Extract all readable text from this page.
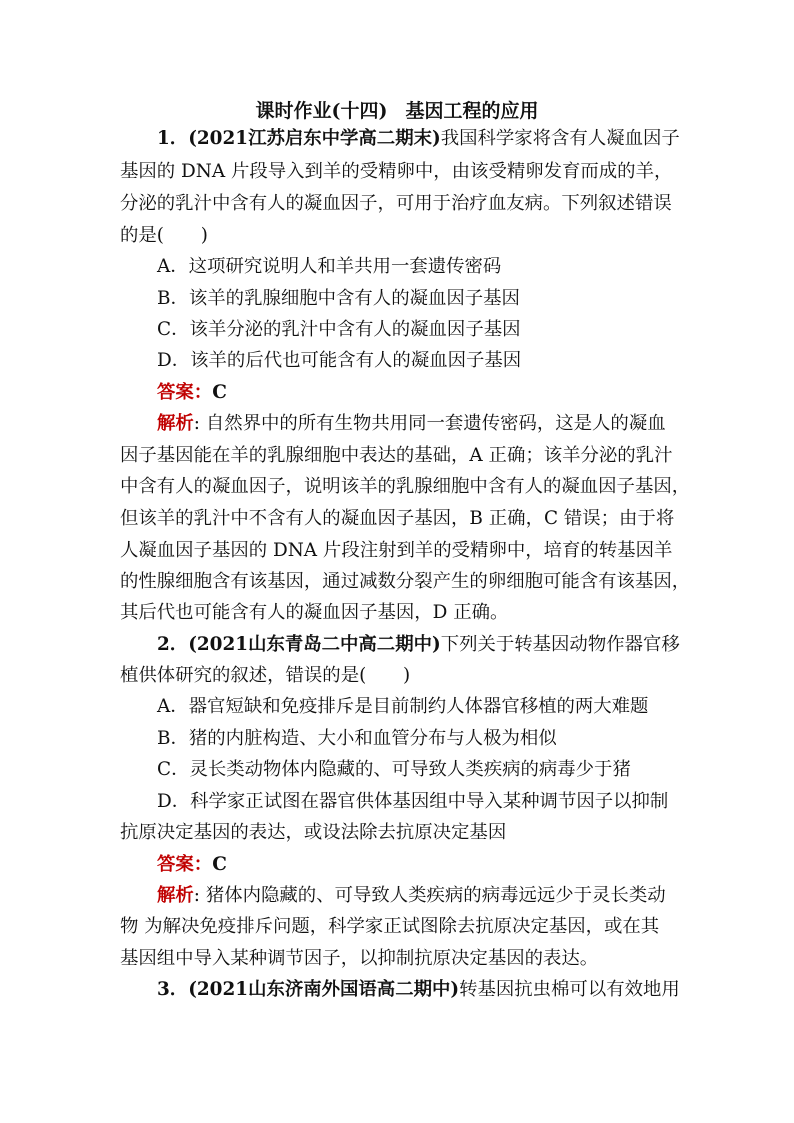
课时作业(十四) 基因工程的应用
1．(2021江苏启东中学高二期末)我国科学家将含有人凝血因子
基因的 DNA 片段导入到羊的受精卵中，由该受精卵发育而成的羊，
分泌的乳汁中含有人的凝血因子，可用于治疗血友病。下列叙述错误
的是(　　)
A．这项研究说明人和羊共用一套遗传密码
B．该羊的乳腺细胞中含有人的凝血因子基因
C．该羊分泌的乳汁中含有人的凝血因子基因
D．该羊的后代也可能含有人的凝血因子基因
答案：C
解析: 自然界中的所有生物共用同一套遗传密码，这是人的凝血
因子基因能在羊的乳腺细胞中表达的基础，A 正确；该羊分泌的乳汁
中含有人的凝血因子，说明该羊的乳腺细胞中含有人的凝血因子基因，
但该羊的乳汁中不含有人的凝血因子基因，B 正确，C 错误；由于将
人凝血因子基因的 DNA 片段注射到羊的受精卵中，培育的转基因羊
的性腺细胞含有该基因，通过减数分裂产生的卵细胞可能含有该基因，
其后代也可能含有人的凝血因子基因，D 正确。
2．(2021山东青岛二中高二期中)下列关于转基因动物作器官移
植供体研究的叙述，错误的是(　　)
A．器官短缺和免疫排斥是目前制约人体器官移植的两大难题
B．猪的内脏构造、大小和血管分布与人极为相似
C．灵长类动物体内隐藏的、可导致人类疾病的病毒少于猪
D．科学家正试图在器官供体基因组中导入某种调节因子以抑制
抗原决定基因的表达，或设法除去抗原决定基因
答案：C
解析: 猪体内隐藏的、可导致人类疾病的病毒远远少于灵长类动
物 为解决免疫排斥问题，科学家正试图除去抗原决定基因，或在其
基因组中导入某种调节因子，以抑制抗原决定基因的表达。
3．(2021山东济南外国语高二期中)转基因抗虫棉可以有效地用
